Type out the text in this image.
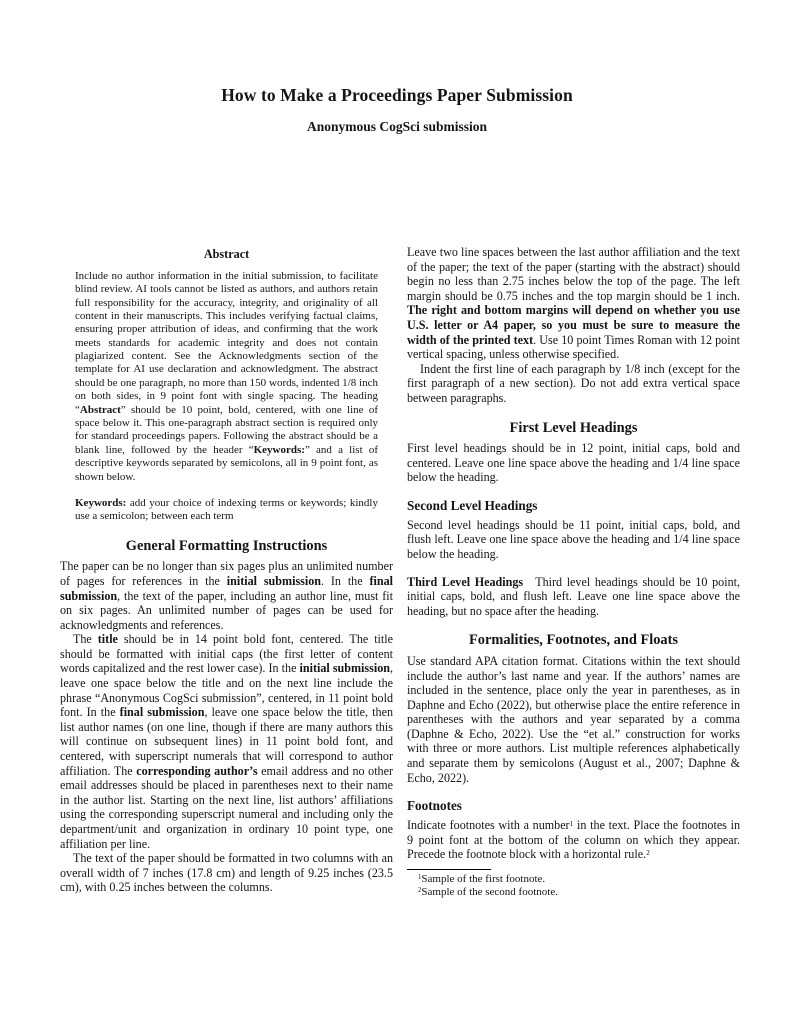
How to Make a Proceedings Paper Submission
Anonymous CogSci submission
Abstract

Include no author information in the initial submission, to facilitate blind review. AI tools cannot be listed as authors, and authors retain full responsibility for the accuracy, integrity, and originality of all content in their manuscripts. This includes verifying factual claims, ensuring proper attribution of ideas, and confirming that the work meets standards for academic integrity and does not contain plagiarized content. See the Acknowledgments section of the template for AI use declaration and acknowledgment. The abstract should be one paragraph, no more than 150 words, indented 1/8 inch on both sides, in 9 point font with single spacing. The heading “Abstract” should be 10 point, bold, centered, with one line of space below it. This one-paragraph abstract section is required only for standard proceedings papers. Following the abstract should be a blank line, followed by the header “Keywords:” and a list of descriptive keywords separated by semicolons, all in 9 point font, as shown below.

Keywords: add your choice of indexing terms or keywords; kindly use a semicolon; between each term

General Formatting Instructions

The paper can be no longer than six pages plus an unlimited number of pages for references in the initial submission. In the final submission, the text of the paper, including an author line, must fit on six pages. An unlimited number of pages can be used for acknowledgments and references.

The title should be in 14 point bold font, centered. The title should be formatted with initial caps (the first letter of content words capitalized and the rest lower case). In the initial submission, leave one space below the title and on the next line include the phrase “Anonymous CogSci submission”, centered, in 11 point bold font. In the final submission, leave one space below the title, then list author names (on one line, though if there are many authors this will continue on subsequent lines) in 11 point bold font, and centered, with superscript numerals that will correspond to author affiliation. The corresponding author’s email address and no other email addresses should be placed in parentheses next to their name in the author list. Starting on the next line, list authors’ affiliations using the corresponding superscript numeral and including only the department/unit and organization in ordinary 10 point type, one affiliation per line.

The text of the paper should be formatted in two columns with an overall width of 7 inches (17.8 cm) and length of 9.25 inches (23.5 cm), with 0.25 inches between the columns.

Leave two line spaces between the last author affiliation and the text of the paper; the text of the paper (starting with the abstract) should begin no less than 2.75 inches below the top of the page. The left margin should be 0.75 inches and the top margin should be 1 inch. The right and bottom margins will depend on whether you use U.S. letter or A4 paper, so you must be sure to measure the width of the printed text. Use 10 point Times Roman with 12 point vertical spacing, unless otherwise specified.

Indent the first line of each paragraph by 1/8 inch (except for the first paragraph of a new section). Do not add extra vertical space between paragraphs.

First Level Headings

First level headings should be in 12 point, initial caps, bold and centered. Leave one line space above the heading and 1/4 line space below the heading.

Second Level Headings

Second level headings should be 11 point, initial caps, bold, and flush left. Leave one line space above the heading and 1/4 line space below the heading.

Third Level Headings  Third level headings should be 10 point, initial caps, bold, and flush left. Leave one line space above the heading, but no space after the heading.

Formalities, Footnotes, and Floats

Use standard APA citation format. Citations within the text should include the author’s last name and year. If the authors’ names are included in the sentence, place only the year in parentheses, as in Daphne and Echo (2022), but otherwise place the entire reference in parentheses with the authors and year separated by a comma (Daphne & Echo, 2022). Use the “et al.” construction for works with three or more authors. List multiple references alphabetically and separate them by semicolons (August et al., 2007; Daphne & Echo, 2022).

Footnotes

Indicate footnotes with a number$^1$ in the text. Place the footnotes in 9 point font at the bottom of the column on which they appear. Precede the footnote block with a horizontal rule.$^2$

$^1$Sample of the first footnote.

$^2$Sample of the second footnote.
